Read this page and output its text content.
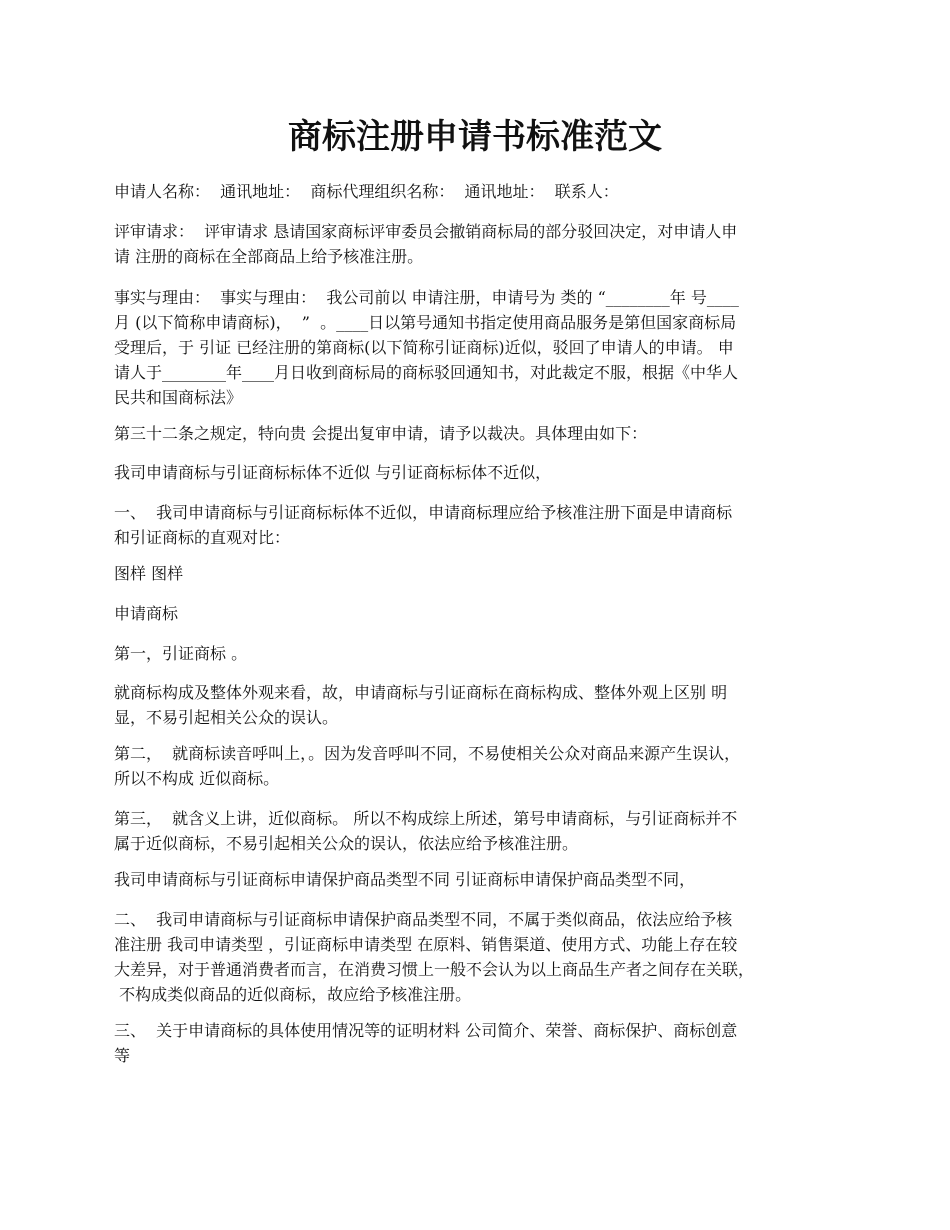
商标注册申请书标准范文

申请人名称：  通讯地址：  商标代理组织名称：  通讯地址：  联系人：

评审请求：  评审请求 恳请国家商标评审委员会撤销商标局的部分驳回决定，对申请人申
请 注册的商标在全部商品上给予核准注册。

事实与理由：  事实与理由：  我公司前以 申请注册，申请号为 类的 “________年 号____
月 (以下简称申请商标)，  ”  。____日以第号通知书指定使用商品服务是第但国家商标局
受理后，于 引证 已经注册的第商标(以下简称引证商标)近似，驳回了申请人的申请。 申
请人于________年____月日收到商标局的商标驳回通知书，对此裁定不服，根据《中华人
民共和国商标法》

第三十二条之规定，特向贵 会提出复审申请，请予以裁决。具体理由如下：

我司申请商标与引证商标标体不近似 与引证商标标体不近似，

一、  我司申请商标与引证商标标体不近似，申请商标理应给予核准注册下面是申请商标
和引证商标的直观对比：

图样 图样

申请商标

第一，引证商标 。

就商标构成及整体外观来看，故，申请商标与引证商标在商标构成、整体外观上区别 明
显，不易引起相关公众的误认。

第二，  就商标读音呼叫上，。因为发音呼叫不同，不易使相关公众对商品来源产生误认，
所以不构成 近似商标。

第三，  就含义上讲，近似商标。 所以不构成综上所述，第号申请商标，与引证商标并不
属于近似商标，不易引起相关公众的误认，依法应给予核准注册。

我司申请商标与引证商标申请保护商品类型不同 引证商标申请保护商品类型不同，

二、  我司申请商标与引证商标申请保护商品类型不同，不属于类似商品，依法应给予核
准注册 我司申请类型 ，引证商标申请类型 在原料、销售渠道、使用方式、功能上存在较
大差异，对于普通消费者而言，在消费习惯上一般不会认为以上商品生产者之间存在关联，
不构成类似商品的近似商标，故应给予核准注册。

三、  关于申请商标的具体使用情况等的证明材料 公司简介、荣誉、商标保护、商标创意
等
